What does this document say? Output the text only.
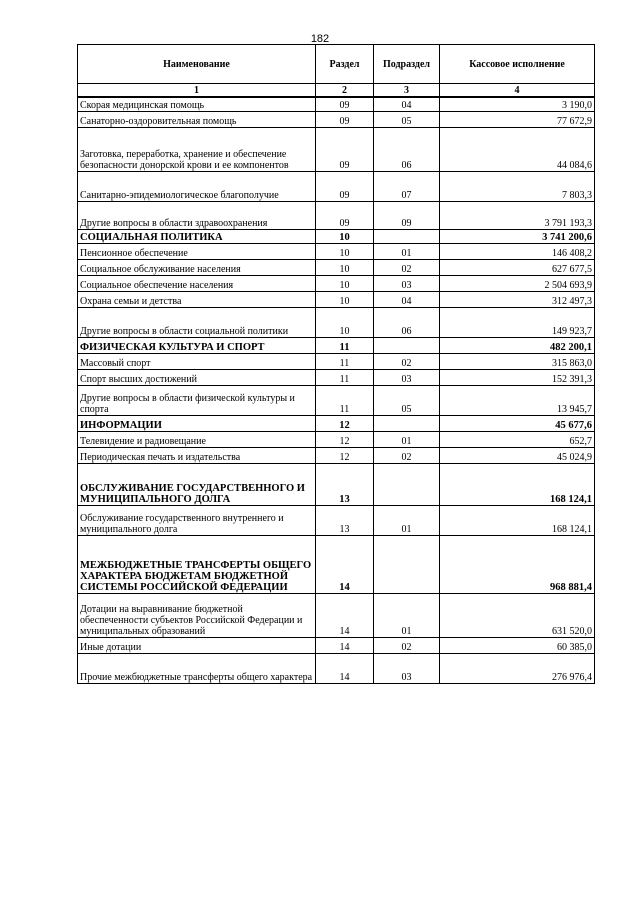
182
Наименование	Раздел	Подраздел	Кассовое исполнение
1	2	3	4
Скорая медицинская помощь	09	04	3 190,0
Санаторно-оздоровительная помощь	09	05	77 672,9
Заготовка, переработка, хранение и обеспечение безопасности донорской крови и ее компонентов	09	06	44 084,6
Санитарно-эпидемиологическое благополучие	09	07	7 803,3
Другие вопросы в области здравоохранения	09	09	3 791 193,3
СОЦИАЛЬНАЯ ПОЛИТИКА	10		3 741 200,6
Пенсионное обеспечение	10	01	146 408,2
Социальное обслуживание населения	10	02	627 677,5
Социальное обеспечение населения	10	03	2 504 693,9
Охрана семьи и детства	10	04	312 497,3
Другие вопросы в области социальной политики	10	06	149 923,7
ФИЗИЧЕСКАЯ КУЛЬТУРА И СПОРТ	11		482 200,1
Массовый спорт	11	02	315 863,0
Спорт высших достижений	11	03	152 391,3
Другие вопросы в области физической культуры и спорта	11	05	13 945,7
ИНФОРМАЦИИ	12		45 677,6
Телевидение и радиовещание	12	01	652,7
Периодическая печать и издательства	12	02	45 024,9
ОБСЛУЖИВАНИЕ ГОСУДАРСТВЕННОГО И МУНИЦИПАЛЬНОГО ДОЛГА	13		168 124,1
Обслуживание государственного внутреннего и муниципального долга	13	01	168 124,1
МЕЖБЮДЖЕТНЫЕ ТРАНСФЕРТЫ ОБЩЕГО ХАРАКТЕРА БЮДЖЕТАМ БЮДЖЕТНОЙ СИСТЕМЫ РОССИЙСКОЙ ФЕДЕРАЦИИ	14		968 881,4
Дотации на выравнивание бюджетной обеспеченности субъектов Российской Федерации и муниципальных образований	14	01	631 520,0
Иные дотации	14	02	60 385,0
Прочие межбюджетные трансферты общего характера	14	03	276 976,4
